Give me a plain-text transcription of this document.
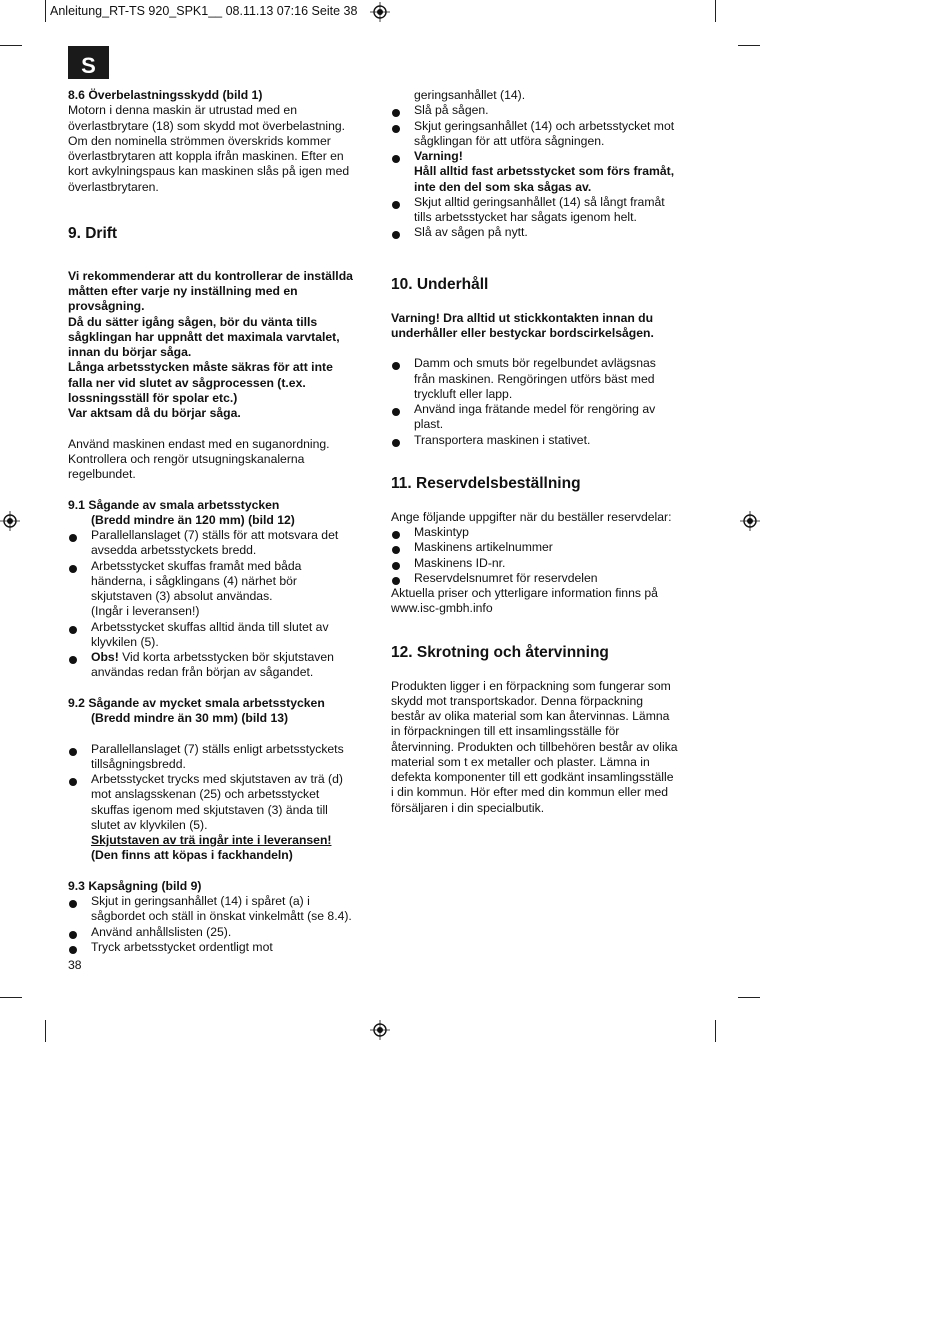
Anleitung_RT-TS 920_SPK1__ 08.11.13 07:16 Seite 38
S

8.6 Överbelastningsskydd (bild 1)

Motorn i denna maskin är utrustad med en

överlastbrytare (18) som skydd mot överbelastning.

Om den nominella strömmen överskrids kommer

överlastbrytaren att koppla ifrån maskinen. Efter en

kort avkylningspaus kan maskinen slås på igen med

överlastbrytaren.

9. Drift

Vi rekommenderar att du kontrollerar de inställda

måtten efter varje ny inställning med en

provsågning.

Då du sätter igång sågen, bör du vänta tills

sågklingan har uppnått det maximala varvtalet,

innan du börjar såga.

Långa arbetsstycken måste säkras för att inte

falla ner vid slutet av sågprocessen (t.ex.

lossningsställ för spolar etc.)

Var aktsam då du börjar såga.

Använd maskinen endast med en suganordning.

Kontrollera och rengör utsugningskanalerna

regelbundet.

9.1 Sågande av smala arbetsstycken

(Bredd mindre än 120 mm) (bild 12)

Parallellanslaget (7) ställs för att motsvara det
avsedda arbetsstyckets bredd.
Arbetsstycket skuffas framåt med båda
händerna, i sågklingans (4) närhet bör
skjutstaven (3) absolut användas.
(Ingår i leveransen!)
Arbetsstycket skuffas alltid ända till slutet av
klyvkilen (5).
Obs! Vid korta arbetsstycken bör skjutstaven
användas redan från början av sågandet.

9.2 Sågande av mycket smala arbetsstycken

(Bredd mindre än 30 mm) (bild 13)

Parallellanslaget (7) ställs enligt arbetsstyckets
tillsågningsbredd.
Arbetsstycket trycks med skjutstaven av trä (d)
mot anslagsskenan (25) och arbetsstycket
skuffas igenom med skjutstaven (3) ända till
slutet av klyvkilen (5).
Skjutstaven av trä ingår inte i leveransen!
(Den finns att köpas i fackhandeln)

9.3 Kapsågning (bild 9)

Skjut in geringsanhållet (14) i spåret (a) i
sågbordet och ställ in önskat vinkelmått (se 8.4).
Använd anhållslisten (25).
Tryck arbetsstycket ordentligt mot
38

geringsanhållet (14).

Slå på sågen.
Skjut geringsanhållet (14) och arbetsstycket mot
sågklingan för att utföra sågningen.
Varning!
Håll alltid fast arbetsstycket som förs framåt,
inte den del som ska sågas av.
Skjut alltid geringsanhållet (14) så långt framåt
tills arbetsstycket har sågats igenom helt.
Slå av sågen på nytt.

10. Underhåll

Varning! Dra alltid ut stickkontakten innan du

underhåller eller bestyckar bordscirkelsågen.

Damm och smuts bör regelbundet avlägsnas
från maskinen. Rengöringen utförs bäst med
tryckluft eller lapp.
Använd inga frätande medel för rengöring av
plast.
Transportera maskinen i stativet.

11. Reservdelsbeställning

Ange följande uppgifter när du beställer reservdelar:

Maskintyp
Maskinens artikelnummer
Maskinens ID-nr.
Reservdelsnumret för reservdelen

Aktuella priser och ytterligare information finns på

www.isc-gmbh.info

12. Skrotning och återvinning

Produkten ligger i en förpackning som fungerar som

skydd mot transportskador. Denna förpackning

består av olika material som kan återvinnas. Lämna

in förpackningen till ett insamlingsställe för

återvinning. Produkten och tillbehören består av olika

material som t ex metaller och plaster. Lämna in

defekta komponenter till ett godkänt insamlingsställe

i din kommun. Hör efter med din kommun eller med

försäljaren i din specialbutik.
